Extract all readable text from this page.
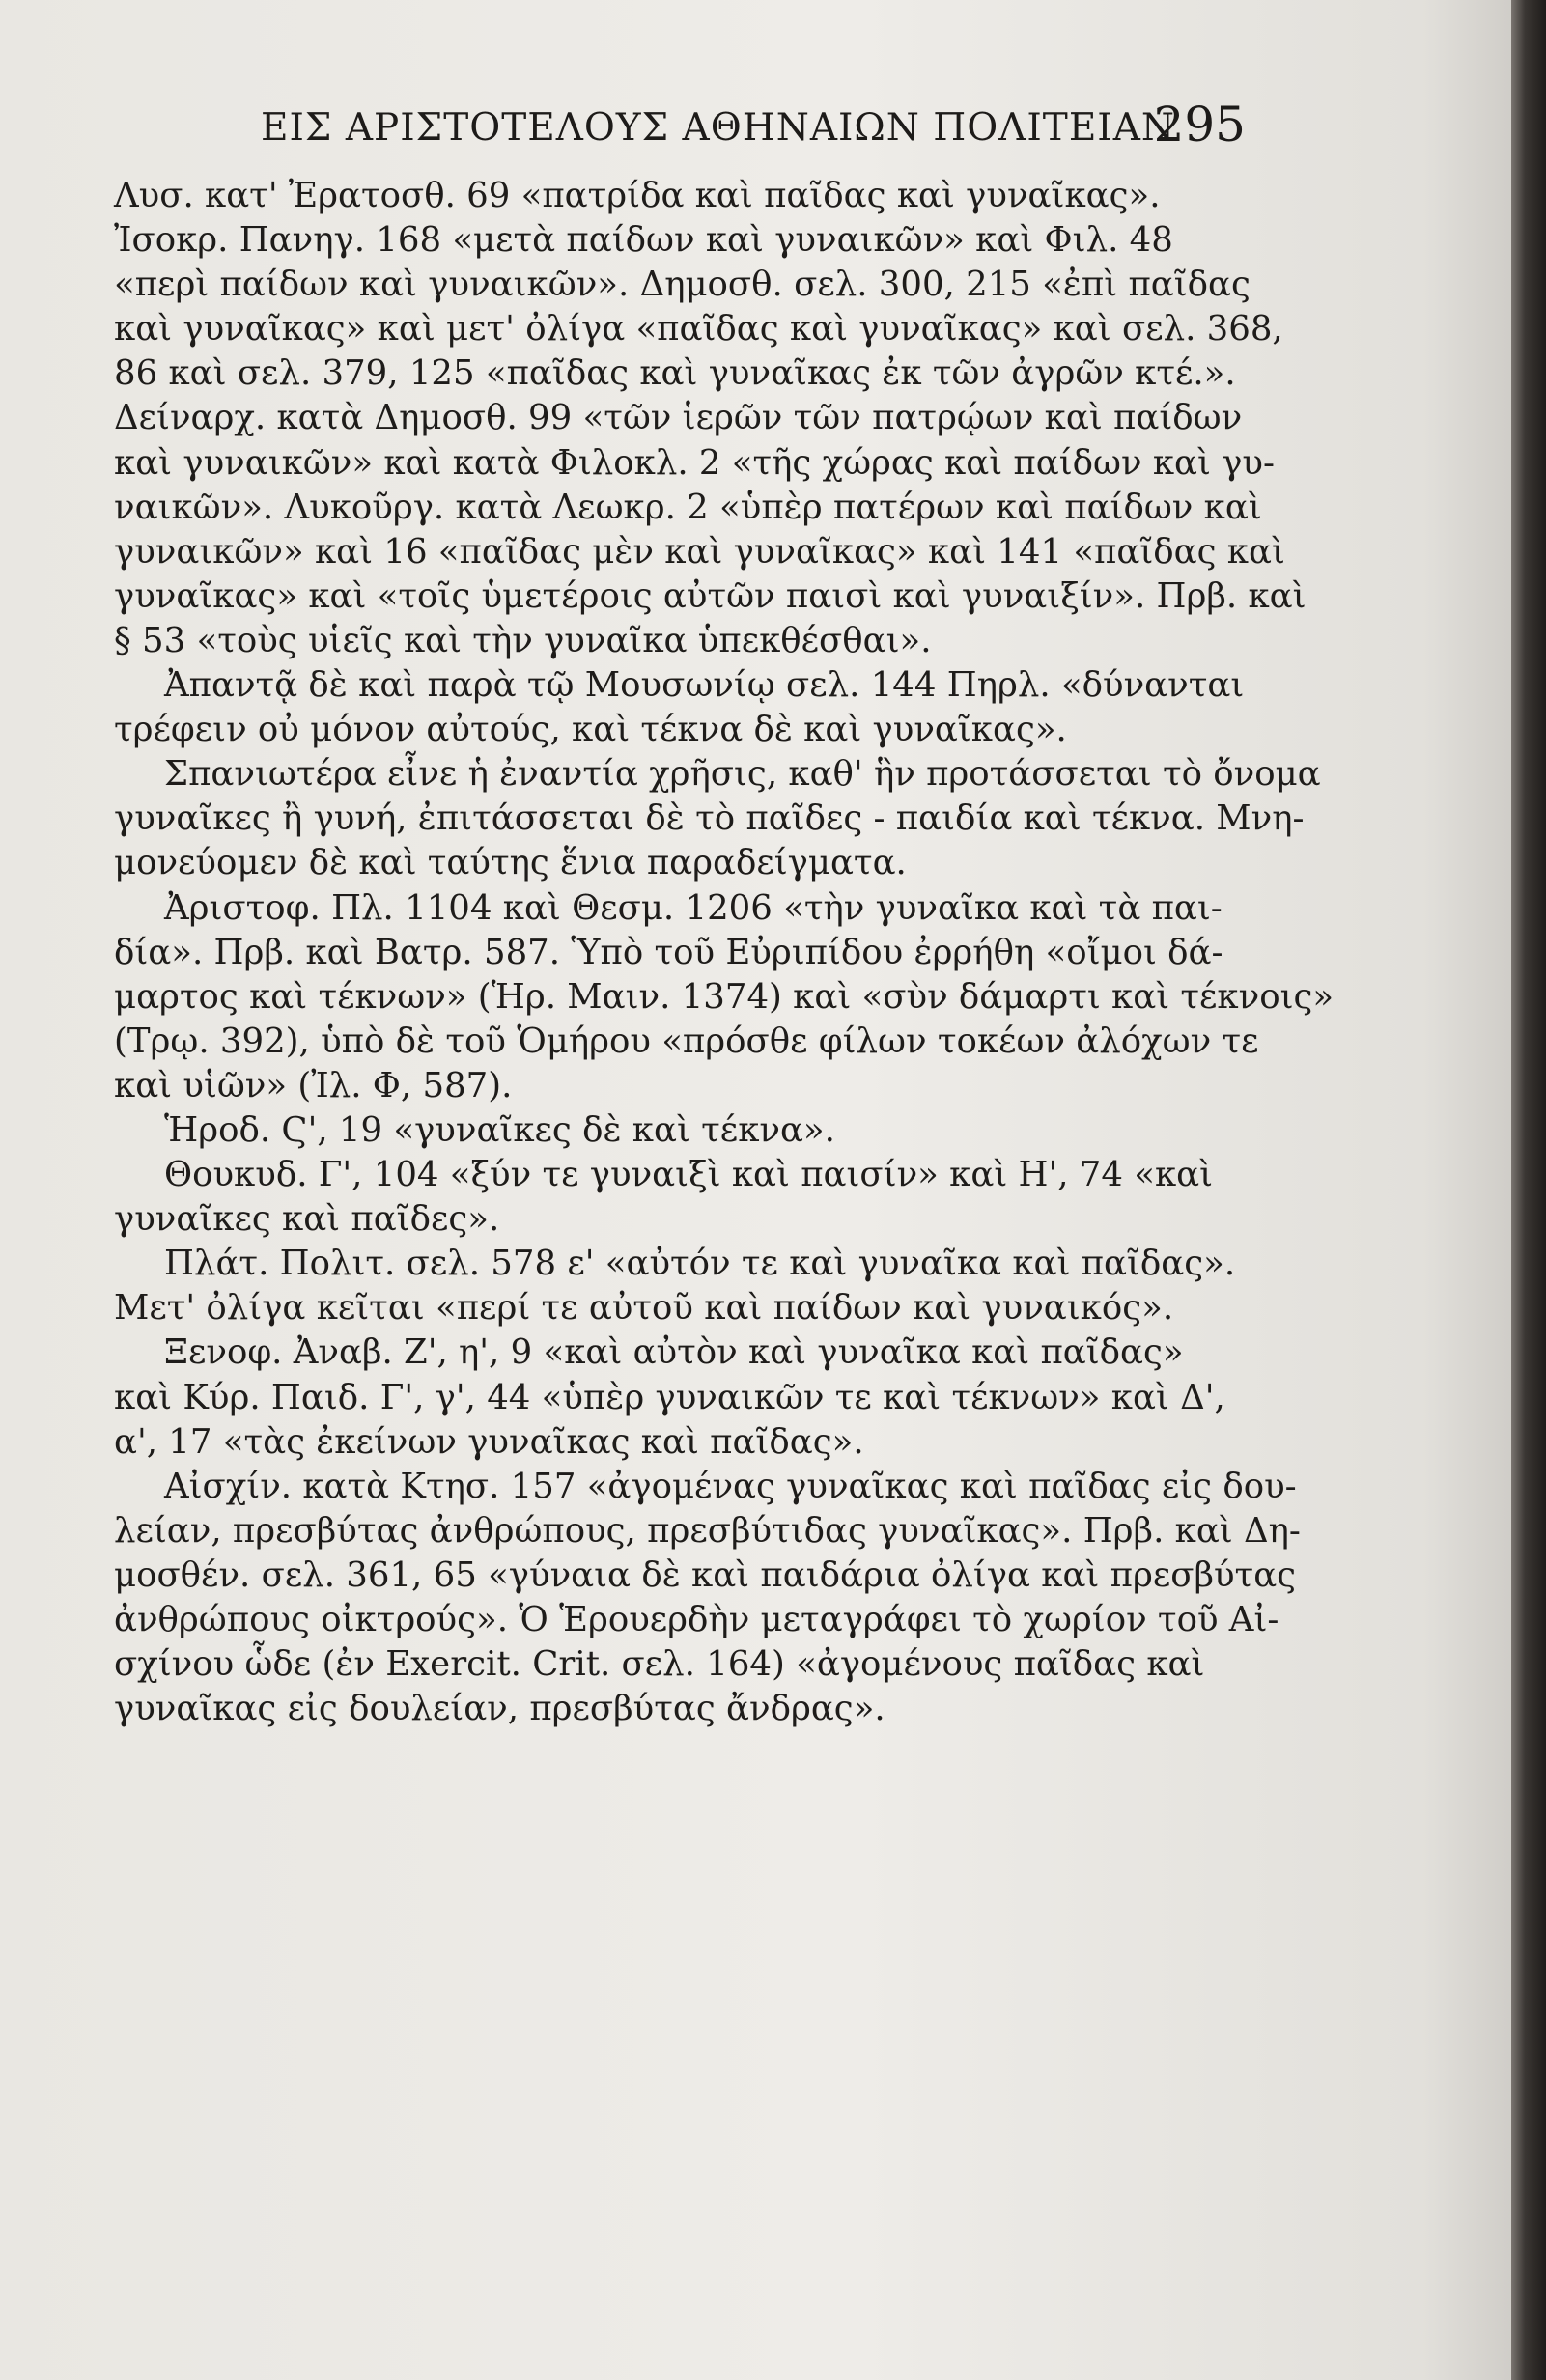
ΕΙΣ ΑΡΙΣΤΟΤΕΛΟΥΣ ΑΘΗΝΑΙΩΝ ΠΟΛΙΤΕΙΑΝ
295
Λυσ. κατ' Ἐρατοσθ. 69 «πατρίδα καὶ παῖδας καὶ γυναῖκας».
Ἰσοκρ. Πανηγ. 168 «μετὰ παίδων καὶ γυναικῶν» καὶ Φιλ. 48
«περὶ παίδων καὶ γυναικῶν». Δημοσθ. σελ. 300, 215 «ἐπὶ παῖδας
καὶ γυναῖκας» καὶ μετ' ὀλίγα «παῖδας καὶ γυναῖκας» καὶ σελ. 368,
86 καὶ σελ. 379, 125 «παῖδας καὶ γυναῖκας ἐκ τῶν ἀγρῶν κτέ.».
Δείναρχ. κατὰ Δημοσθ. 99 «τῶν ἱερῶν τῶν πατρῴων καὶ παίδων
καὶ γυναικῶν» καὶ κατὰ Φιλοκλ. 2 «τῆς χώρας καὶ παίδων καὶ γυ-
ναικῶν». Λυκοῦργ. κατὰ Λεωκρ. 2 «ὑπὲρ πατέρων καὶ παίδων καὶ
γυναικῶν» καὶ 16 «παῖδας μὲν καὶ γυναῖκας» καὶ 141 «παῖδας καὶ
γυναῖκας» καὶ «τοῖς ὑμετέροις αὐτῶν παισὶ καὶ γυναιξίν». Πρβ. καὶ
§ 53 «τοὺς υἱεῖς καὶ τὴν γυναῖκα ὑπεκθέσθαι».
Ἀπαντᾷ δὲ καὶ παρὰ τῷ Μουσωνίῳ σελ. 144 Πηρλ. «δύνανται
τρέφειν οὐ μόνον αὐτούς, καὶ τέκνα δὲ καὶ γυναῖκας».
Σπανιωτέρα εἶνε ἡ ἐναντία χρῆσις, καθ' ἣν προτάσσεται τὸ ὄνομα
γυναῖκες ἢ γυνή, ἐπιτάσσεται δὲ τὸ παῖδες - παιδία καὶ τέκνα. Μνη-
μονεύομεν δὲ καὶ ταύτης ἕνια παραδείγματα.
Ἀριστοφ. Πλ. 1104 καὶ Θεσμ. 1206 «τὴν γυναῖκα καὶ τὰ παι-
δία». Πρβ. καὶ Βατρ. 587. Ὑπὸ τοῦ Εὐριπίδου ἐρρήθη «οἴμοι δά-
μαρτος καὶ τέκνων» (Ἡρ. Μαιν. 1374) καὶ «σὺν δάμαρτι καὶ τέκνοις»
(Τρῳ. 392), ὑπὸ δὲ τοῦ Ὁμήρου «πρόσθε φίλων τοκέων ἀλόχων τε
καὶ υἱῶν» (Ἰλ. Φ, 587).
Ἡροδ. Ϛ', 19 «γυναῖκες δὲ καὶ τέκνα».
Θουκυδ. Γ', 104 «ξύν τε γυναιξὶ καὶ παισίν» καὶ Η', 74 «καὶ
γυναῖκες καὶ παῖδες».
Πλάτ. Πολιτ. σελ. 578 ε' «αὐτόν τε καὶ γυναῖκα καὶ παῖδας».
Μετ' ὀλίγα κεῖται «περί τε αὐτοῦ καὶ παίδων καὶ γυναικός».
Ξενοφ. Ἀναβ. Ζ', η', 9 «καὶ αὐτὸν καὶ γυναῖκα καὶ παῖδας»
καὶ Κύρ. Παιδ. Γ', γ', 44 «ὑπὲρ γυναικῶν τε καὶ τέκνων» καὶ Δ',
α', 17 «τὰς ἐκείνων γυναῖκας καὶ παῖδας».
Αἰσχίν. κατὰ Κτησ. 157 «ἀγομένας γυναῖκας καὶ παῖδας εἰς δου-
λείαν, πρεσβύτας ἀνθρώπους, πρεσβύτιδας γυναῖκας». Πρβ. καὶ Δη-
μοσθέν. σελ. 361, 65 «γύναια δὲ καὶ παιδάρια ὀλίγα καὶ πρεσβύτας
ἀνθρώπους οἰκτρούς». Ὁ Ἑρουερδὴν μεταγράφει τὸ χωρίον τοῦ Αἰ-
σχίνου ὧδε (ἐν Exercit. Crit. σελ. 164) «ἀγομένους παῖδας καὶ
γυναῖκας εἰς δουλείαν, πρεσβύτας ἄνδρας».
